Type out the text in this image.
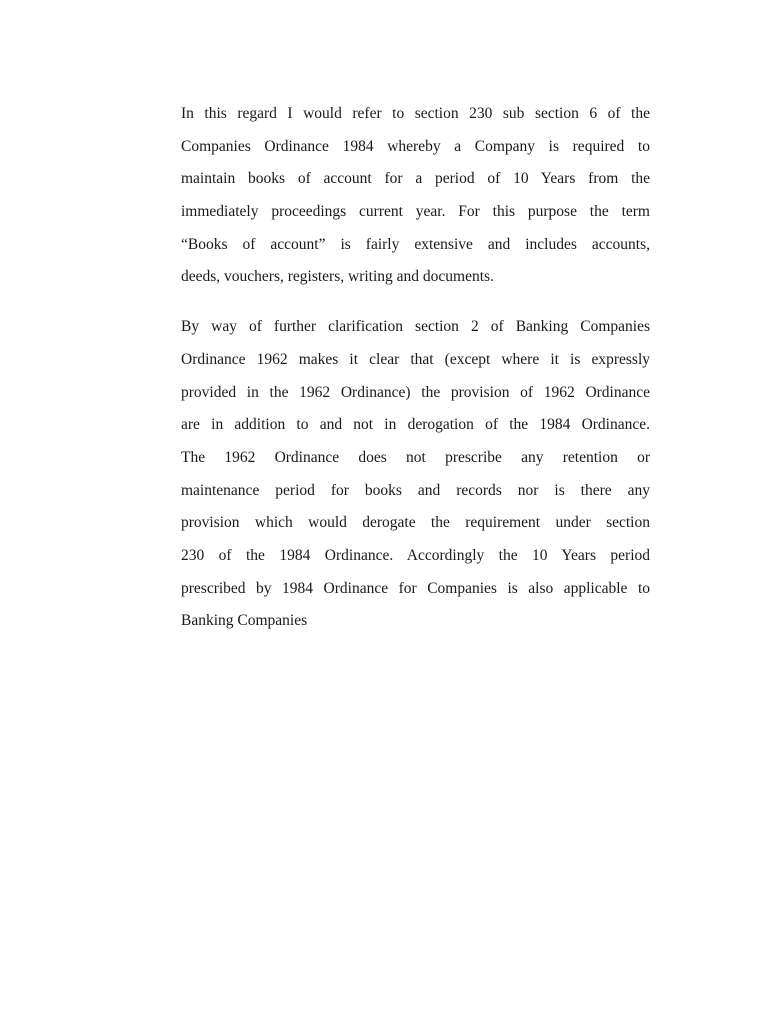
In this regard I would refer to section 230 sub section 6 of the
Companies Ordinance 1984 whereby a Company is required to
maintain books of account for a period of 10 Years from the
immediately proceedings current year. For this purpose the term
“Books of account” is fairly extensive and includes accounts,
deeds, vouchers, registers, writing and documents.
By way of further clarification section 2 of Banking Companies
Ordinance 1962 makes it clear that (except where it is expressly
provided in the 1962 Ordinance) the provision of 1962 Ordinance
are in addition to and not in derogation of the 1984 Ordinance.
The 1962 Ordinance does not prescribe any retention or
maintenance period for books and records nor is there any
provision which would derogate the requirement under section
230 of the 1984 Ordinance. Accordingly the 10 Years period
prescribed by 1984 Ordinance for Companies is also applicable to
Banking Companies
